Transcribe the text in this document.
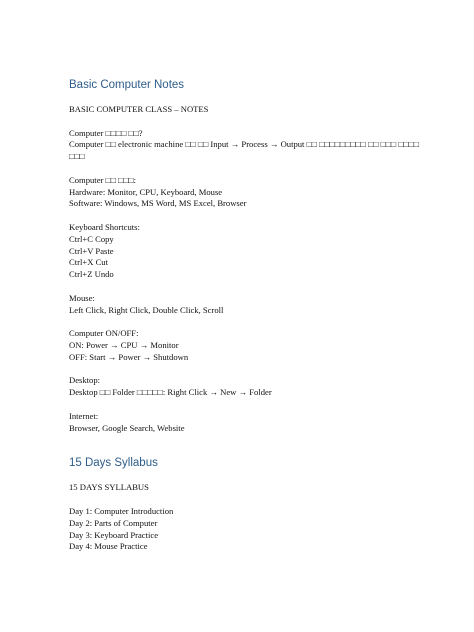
Basic Computer Notes
BASIC COMPUTER CLASS – NOTES
Computer □□□□ □□?
Computer □□ electronic machine □□ □□ Input → Process → Output □□ □□□□□□□□□ □□ □□□ □□□□ □□□
Computer □□ □□□:
Hardware: Monitor, CPU, Keyboard, Mouse
Software: Windows, MS Word, MS Excel, Browser
Keyboard Shortcuts:
Ctrl+C Copy
Ctrl+V Paste
Ctrl+X Cut
Ctrl+Z Undo
Mouse:
Left Click, Right Click, Double Click, Scroll
Computer ON/OFF:
ON: Power → CPU → Monitor
OFF: Start → Power → Shutdown
Desktop:
Desktop □□ Folder □□□□□: Right Click → New → Folder
Internet:
Browser, Google Search, Website
15 Days Syllabus
15 DAYS SYLLABUS
Day 1: Computer Introduction
Day 2: Parts of Computer
Day 3: Keyboard Practice
Day 4: Mouse Practice
